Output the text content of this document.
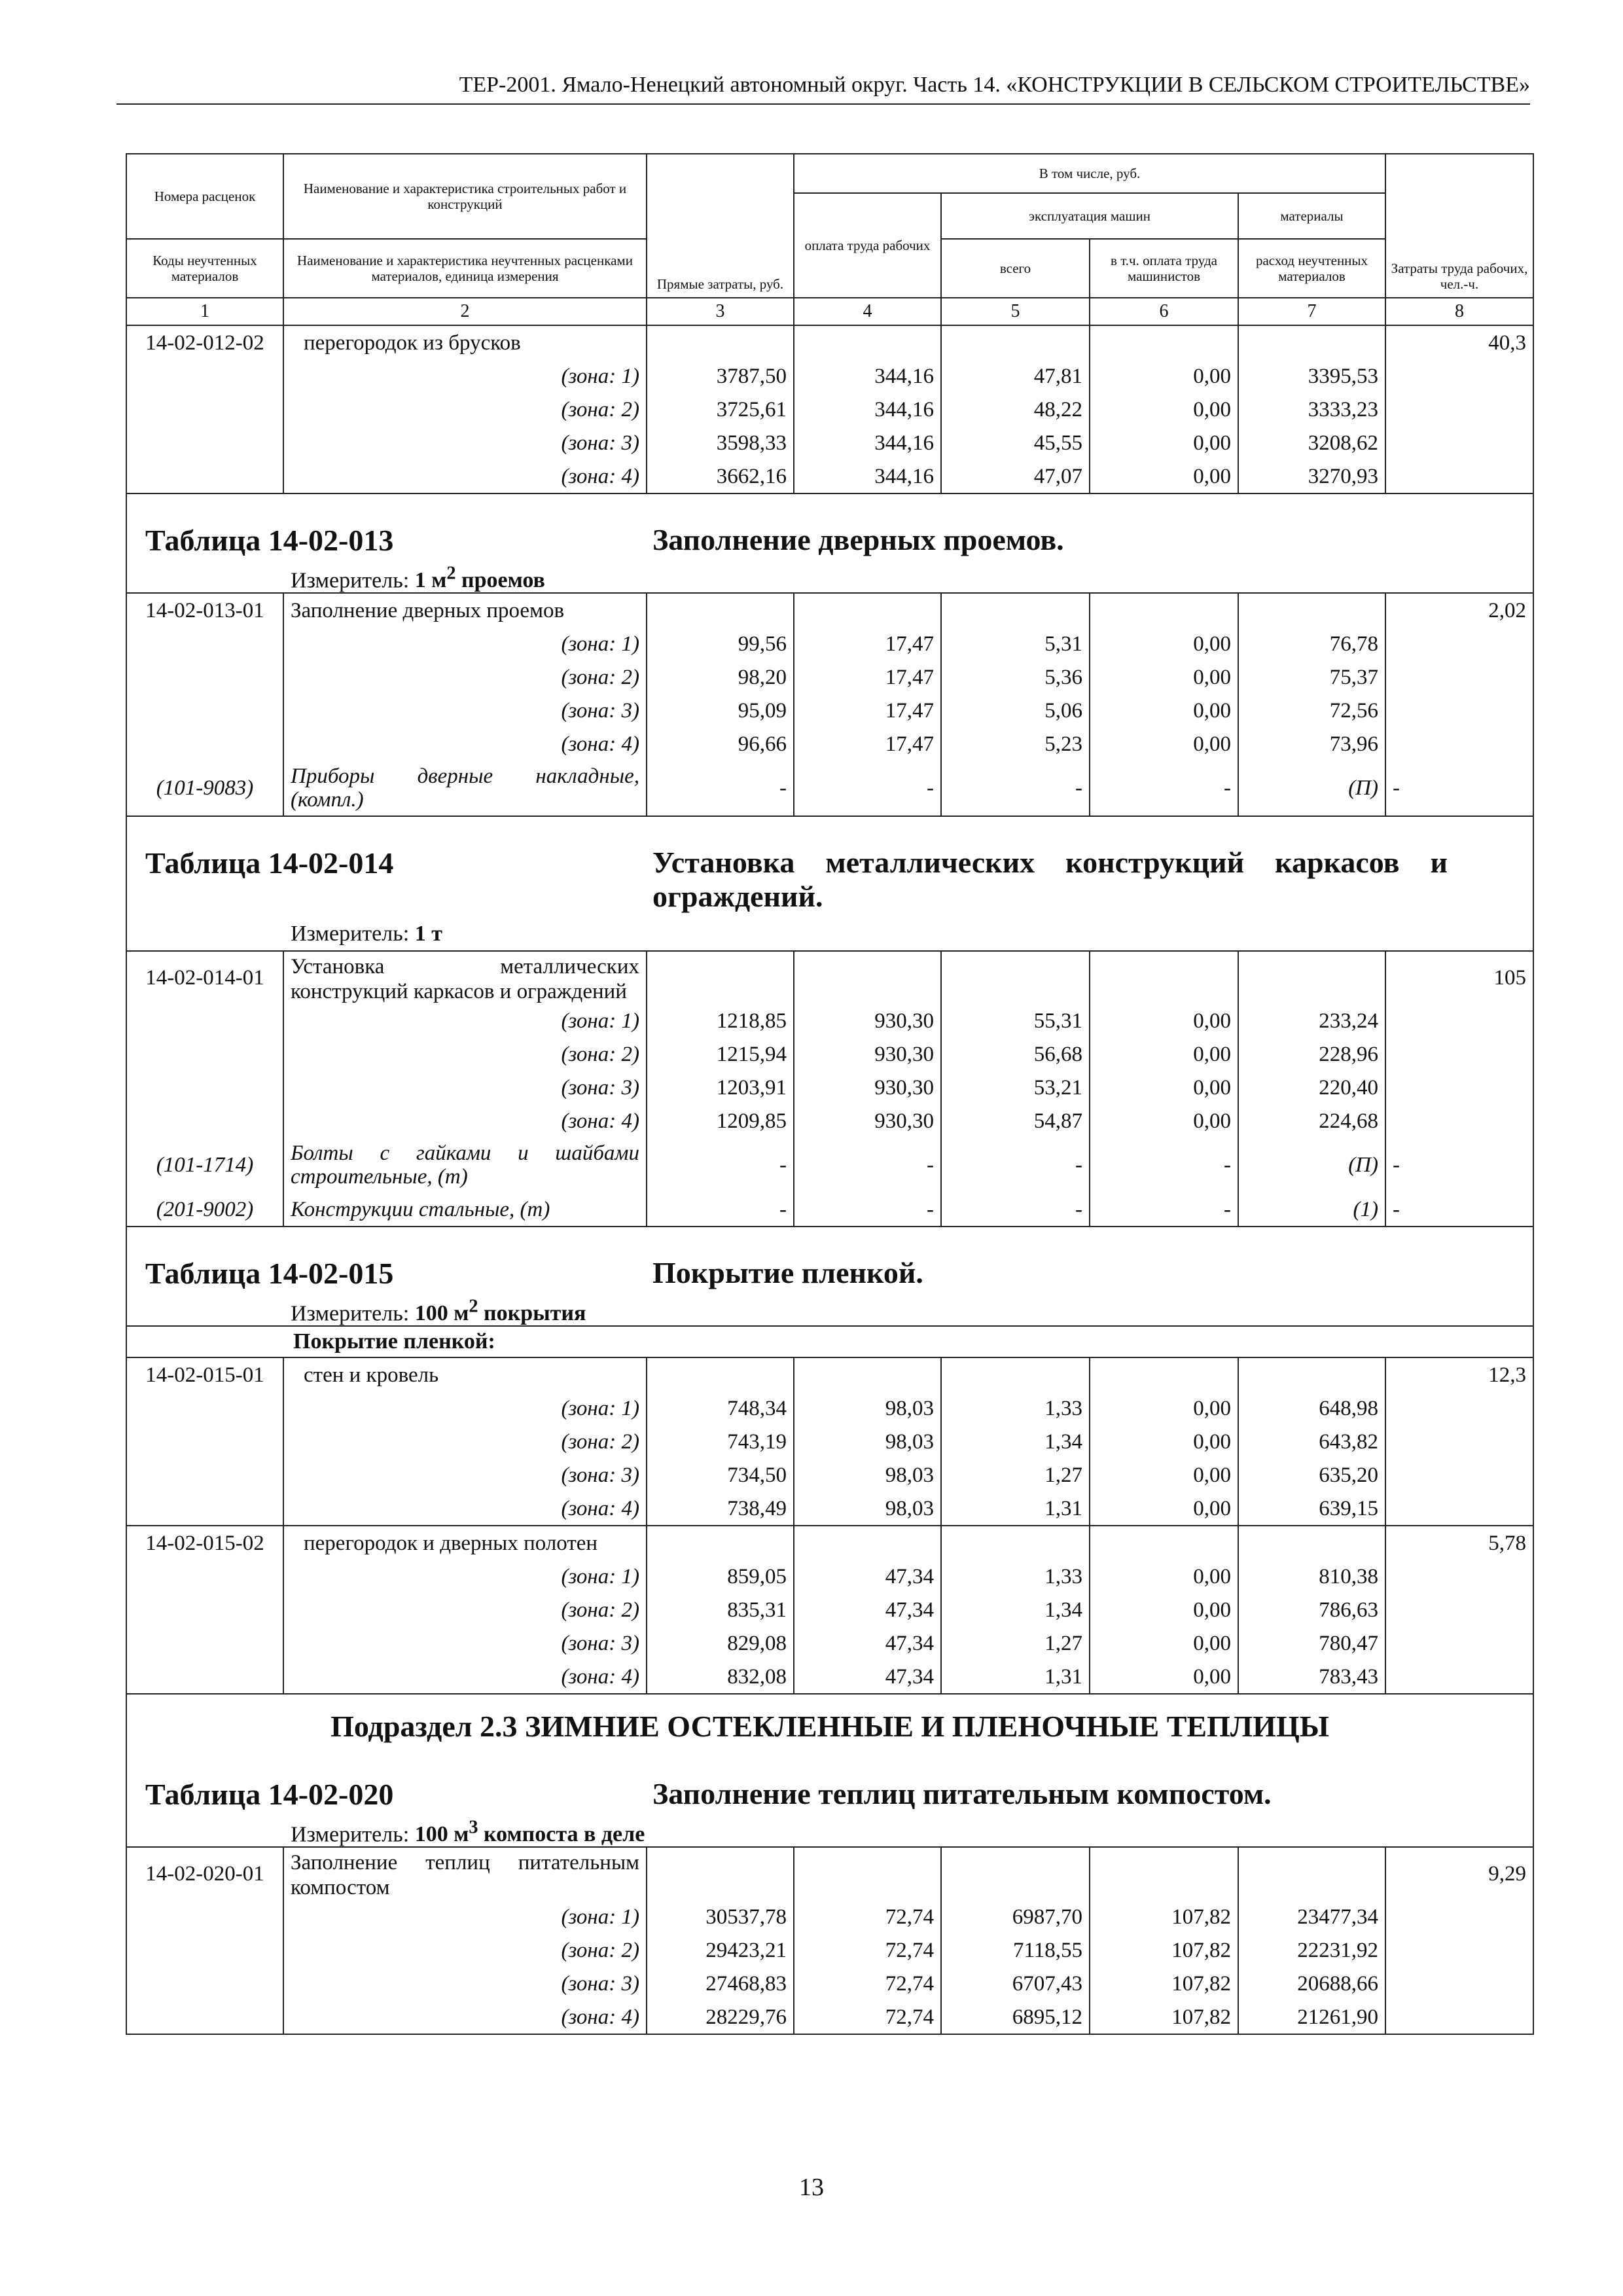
ТЕР-2001. Ямало-Ненецкий автономный округ. Часть 14. «КОНСТРУКЦИИ В СЕЛЬСКОМ СТРОИТЕЛЬСТВЕ»
Номера расценок	Наименование и характеристика строительных работ и конструкций	Прямые затраты, руб.	В том числе, руб.				Затраты труда рабочих, чел.-ч.
			оплата труда рабочих	эксплуатация машин		материалы	
Коды неучтенных материалов	Наименование и характеристика неучтенных расценками материалов, единица измерения			всего	в т.ч. оплата труда машинистов	расход неучтенных материалов	
1	2	3	4	5	6	7	8
14-02-012-02	перегородок из брусков						40,3
	(зона: 1)	3787,50	344,16	47,81	0,00	3395,53	
	(зона: 2)	3725,61	344,16	48,22	0,00	3333,23	
	(зона: 3)	3598,33	344,16	45,55	0,00	3208,62	
	(зона: 4)	3662,16	344,16	47,07	0,00	3270,93	

Таблица 14-02-013 Заполнение дверных проемов.
Измеритель: 1 $м^2$ проемов							

14-02-013-01	Заполнение дверных проемов						2,02
	(зона: 1)	99,56	17,47	5,31	0,00	76,78	
	(зона: 2)	98,20	17,47	5,36	0,00	75,37	
	(зона: 3)	95,09	17,47	5,06	0,00	72,56	
	(зона: 4)	96,66	17,47	5,23	0,00	73,96	
(101-9083)	Приборы дверные накладные, (компл.)	-	-	-	-	(П)	-

Таблица 14-02-014 Установка металлических конструкций каркасов и ограждений.
Измеритель: 1 т							

14-02-014-01	Установка металлических конструкций каркасов и ограждений						105
	(зона: 1)	1218,85	930,30	55,31	0,00	233,24	
	(зона: 2)	1215,94	930,30	56,68	0,00	228,96	
	(зона: 3)	1203,91	930,30	53,21	0,00	220,40	
	(зона: 4)	1209,85	930,30	54,87	0,00	224,68	
(101-1714)	Болты с гайками и шайбами строительные, (т)	-	-	-	-	(П)	-
(201-9002)	Конструкции стальные, (т)	-	-	-	-	(1)	-

Таблица 14-02-015 Покрытие пленкой.
Измеритель: 100 $м^2$ покрытия							

Покрытие пленкой:							
14-02-015-01	стен и кровель						12,3
	(зона: 1)	748,34	98,03	1,33	0,00	648,98	
	(зона: 2)	743,19	98,03	1,34	0,00	643,82	
	(зона: 3)	734,50	98,03	1,27	0,00	635,20	
	(зона: 4)	738,49	98,03	1,31	0,00	639,15	
14-02-015-02	перегородок и дверных полотен						5,78
	(зона: 1)	859,05	47,34	1,33	0,00	810,38	
	(зона: 2)	835,31	47,34	1,34	0,00	786,63	
	(зона: 3)	829,08	47,34	1,27	0,00	780,47	
	(зона: 4)	832,08	47,34	1,31	0,00	783,43	

Подраздел 2.3 ЗИМНИЕ ОСТЕКЛЕННЫЕ И ПЛЕНОЧНЫЕ ТЕПЛИЦЫ
Таблица 14-02-020 Заполнение теплиц питательным компостом.
Измеритель: 100 $м^3$ компоста в деле							

14-02-020-01	Заполнение теплиц питательным компостом						9,29
	(зона: 1)	30537,78	72,74	6987,70	107,82	23477,34	
	(зона: 2)	29423,21	72,74	7118,55	107,82	22231,92	
	(зона: 3)	27468,83	72,74	6707,43	107,82	20688,66	
	(зона: 4)	28229,76	72,74	6895,12	107,82	21261,90	
13
